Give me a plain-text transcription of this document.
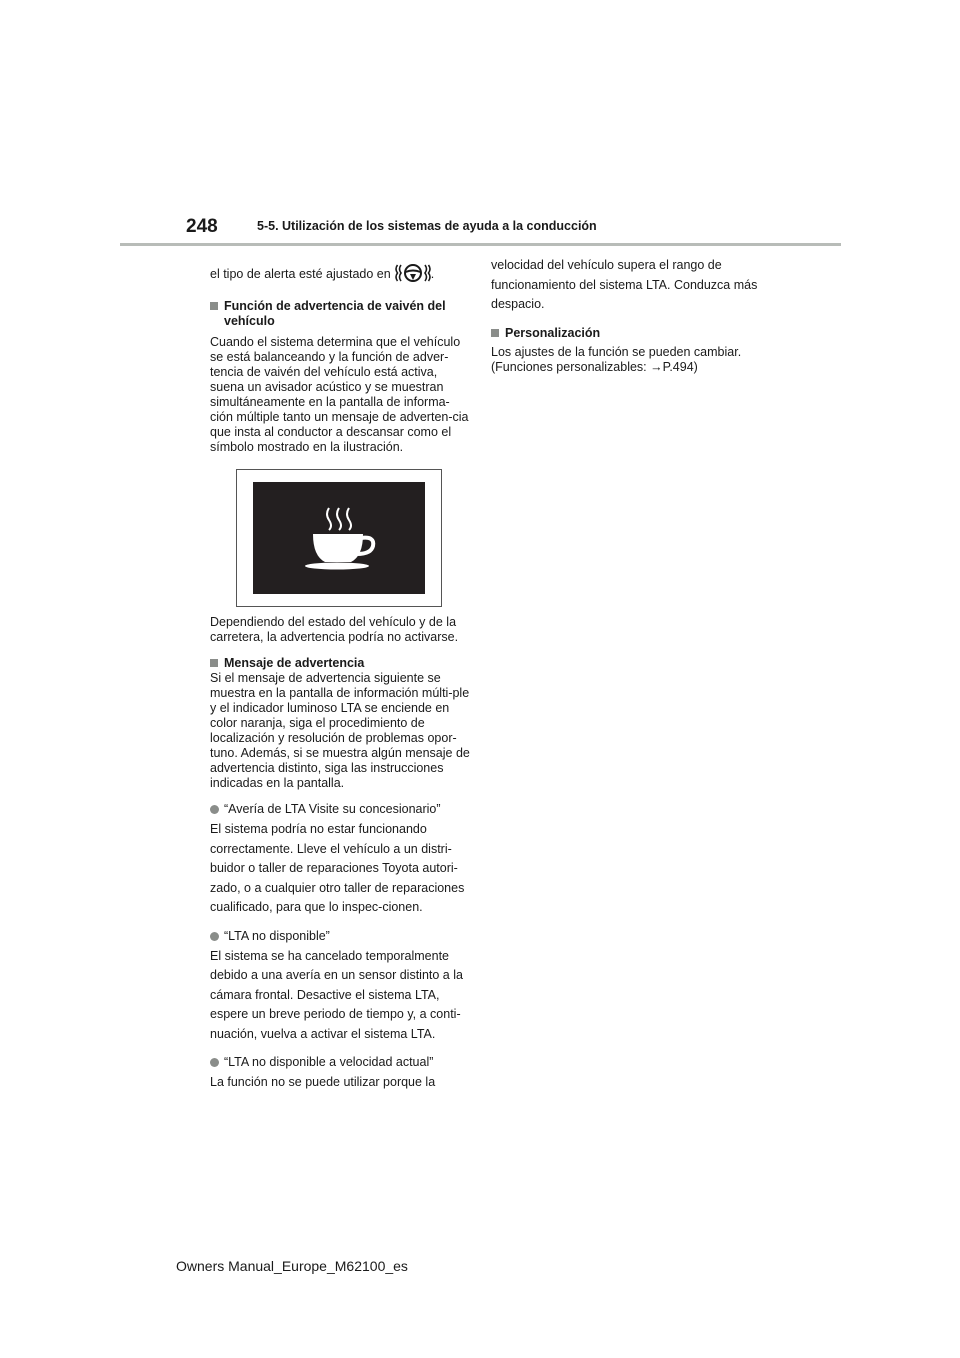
248	5-5. Utilización de los sistemas de ayuda a la conducción

el tipo de alerta esté ajustado en	.

Función de advertencia de vaivén del vehículo

Cuando el sistema determina que el vehículo se está balanceando y la función de adver-tencia de vaivén del vehículo está activa, suena un avisador acústico y se muestran simultáneamente en la pantalla de informa-ción múltiple tanto un mensaje de adverten-cia que insta al conductor a descansar como el símbolo mostrado en la ilustración.

Dependiendo del estado del vehículo y de la carretera, la advertencia podría no activarse.

Mensaje de advertencia

Si el mensaje de advertencia siguiente se muestra en la pantalla de información múlti-ple y el indicador luminoso LTA se enciende en color naranja, siga el procedimiento de localización y resolución de problemas opor-tuno. Además, si se muestra algún mensaje de advertencia distinto, siga las instrucciones indicadas en la pantalla.

“Avería de LTA Visite su concesionario”

El sistema podría no estar funcionando correctamente. Lleve el vehículo a un distri-buidor o taller de reparaciones Toyota autori-zado, o a cualquier otro taller de reparaciones cualificado, para que lo inspec-cionen.

“LTA no disponible”

El sistema se ha cancelado temporalmente debido a una avería en un sensor distinto a la cámara frontal. Desactive el sistema LTA, espere un breve periodo de tiempo y, a conti-nuación, vuelva a activar el sistema LTA.

“LTA no disponible a velocidad actual”

La función no se puede utilizar porque la

velocidad del vehículo supera el rango de funcionamiento del sistema LTA. Conduzca más despacio.

Personalización

Los ajustes de la función se pueden cambiar. (Funciones personalizables: →P.494)

Owners Manual_Europe_M62100_es
